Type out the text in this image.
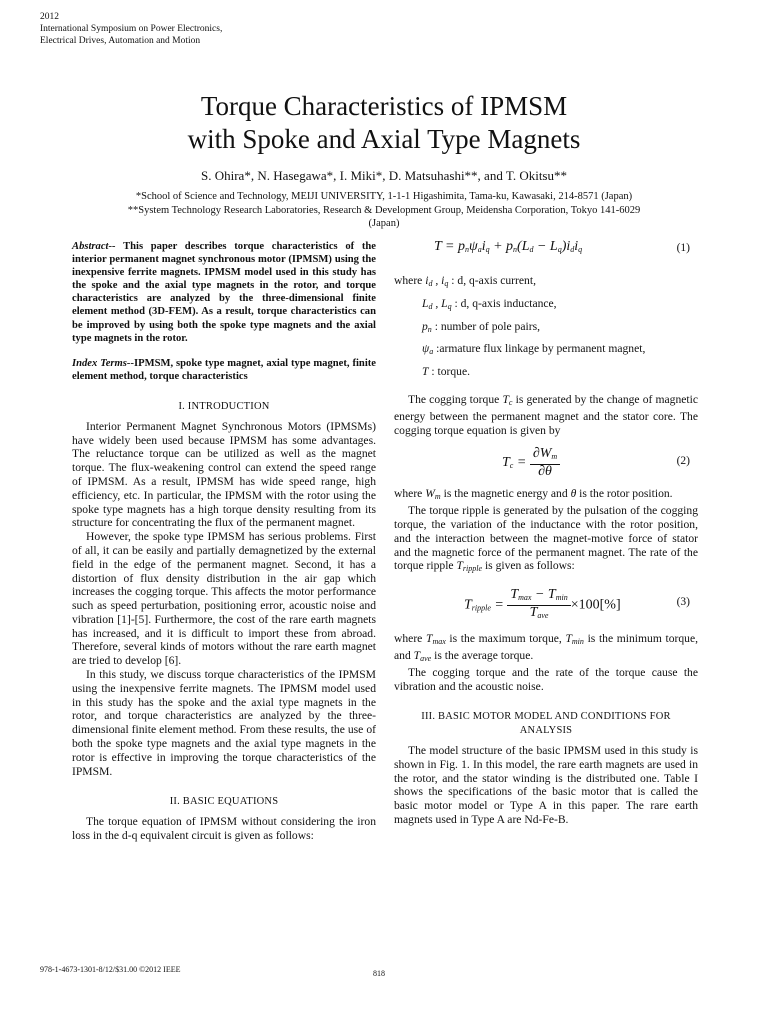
2012
International Symposium on Power Electronics,
Electrical Drives, Automation and Motion
Torque Characteristics of IPMSM
with Spoke and Axial Type Magnets
S. Ohira*, N. Hasegawa*, I. Miki*, D. Matsuhashi**, and T. Okitsu**
*School of Science and Technology, MEIJI UNIVERSITY, 1-1-1 Higashimita, Tama-ku, Kawasaki, 214-8571 (Japan)
**System Technology Research Laboratories, Research & Development Group, Meidensha Corporation, Tokyo 141-6029
(Japan)
Abstract-- This paper describes torque characteristics of the interior permanent magnet synchronous motor (IPMSM) using the inexpensive ferrite magnets. IPMSM model used in this study has the spoke and the axial type magnets in the rotor, and torque characteristics are analyzed by the three-dimensional finite element method (3D-FEM). As a result, torque characteristics can be improved by using both the spoke type magnets and the axial type magnets in the rotor.
Index Terms--IPMSM, spoke type magnet, axial type magnet, finite element method, torque characteristics
I. INTRODUCTION

Interior Permanent Magnet Synchronous Motors (IPMSMs) have widely been used because IPMSM has some advantages. The reluctance torque can be utilized as well as the magnet torque. The flux-weakening control can extend the speed range of IPMSM. As a result, IPMSM has wide speed range, high efficiency, etc. In particular, the IPMSM with the rotor using the spoke type magnets has a high torque density resulting from its structure for concentrating the flux of the permanent magnet.

However, the spoke type IPMSM has serious problems. First of all, it can be easily and partially demagnetized by the external field in the edge of the permanent magnet. Second, it has a distortion of flux density distribution in the air gap which increases the cogging torque. This affects the motor performance such as speed perturbation, positioning error, acoustic noise and vibration [1]-[5]. Furthermore, the cost of the rare earth magnets has increased, and it is difficult to import these from abroad. Therefore, several kinds of motors without the rare earth magnet are tried to develop [6].

In this study, we discuss torque characteristics of the IPMSM using the inexpensive ferrite magnets. The IPMSM model used in this study has the spoke and the axial type magnets in the rotor, and torque characteristics are analyzed by the three-dimensional finite element method. From these results, the use of both the spoke type magnets and the axial type magnets in the rotor is effective in improving the torque characteristics of the IPMSM.

II. BASIC EQUATIONS

The torque equation of IPMSM without considering the iron loss in the d-q equivalent circuit is given as follows:

$T = p_n\psi_ai_q + p_n(L_d - L_q)i_di_q$	(1)
where $i_d$ , $i_q$ : d, q-axis current,
$L_d$ , $L_q$ : d, q-axis inductance,
$p_n$ : number of pole pairs,
$\psi_a$ :armature flux linkage by permanent magnet,
T : torque.

The cogging torque $T_c$ is generated by the change of magnetic energy between the permanent magnet and the stator core. The cogging torque equation is given by

$T_c = \frac{\partial W_m}{\partial\theta}$	(2)

where $W_m$ is the magnetic energy and θ is the rotor position.

The torque ripple is generated by the pulsation of the cogging torque, the variation of the inductance with the rotor position, and the interaction between the magnet-motive force of stator and the magnetic force of the permanent magnet. The rate of the torque ripple $T_{ripple}$ is given as follows:

$T_{ripple} = \frac{T_{max} - T_{min}}{T_{ave}} \times 100[\%]$	(3)

where $T_{max}$ is the maximum torque, $T_{min}$ is the minimum torque, and $T_{ave}$ is the average torque.

The cogging torque and the rate of the torque cause the vibration and the acoustic noise.

III. BASIC MOTOR MODEL AND CONDITIONS FOR
ANALYSIS

The model structure of the basic IPMSM used in this study is shown in Fig. 1. In this model, the rare earth magnets are used in the rotor, and the stator winding is the distributed one. Table I shows the specifications of the basic motor that is called the basic motor model or Type A in this paper. The rare earth magnets used in Type A are Nd-Fe-B.

978-1-4673-1301-8/12/$31.00 ©2012 IEEE	818
